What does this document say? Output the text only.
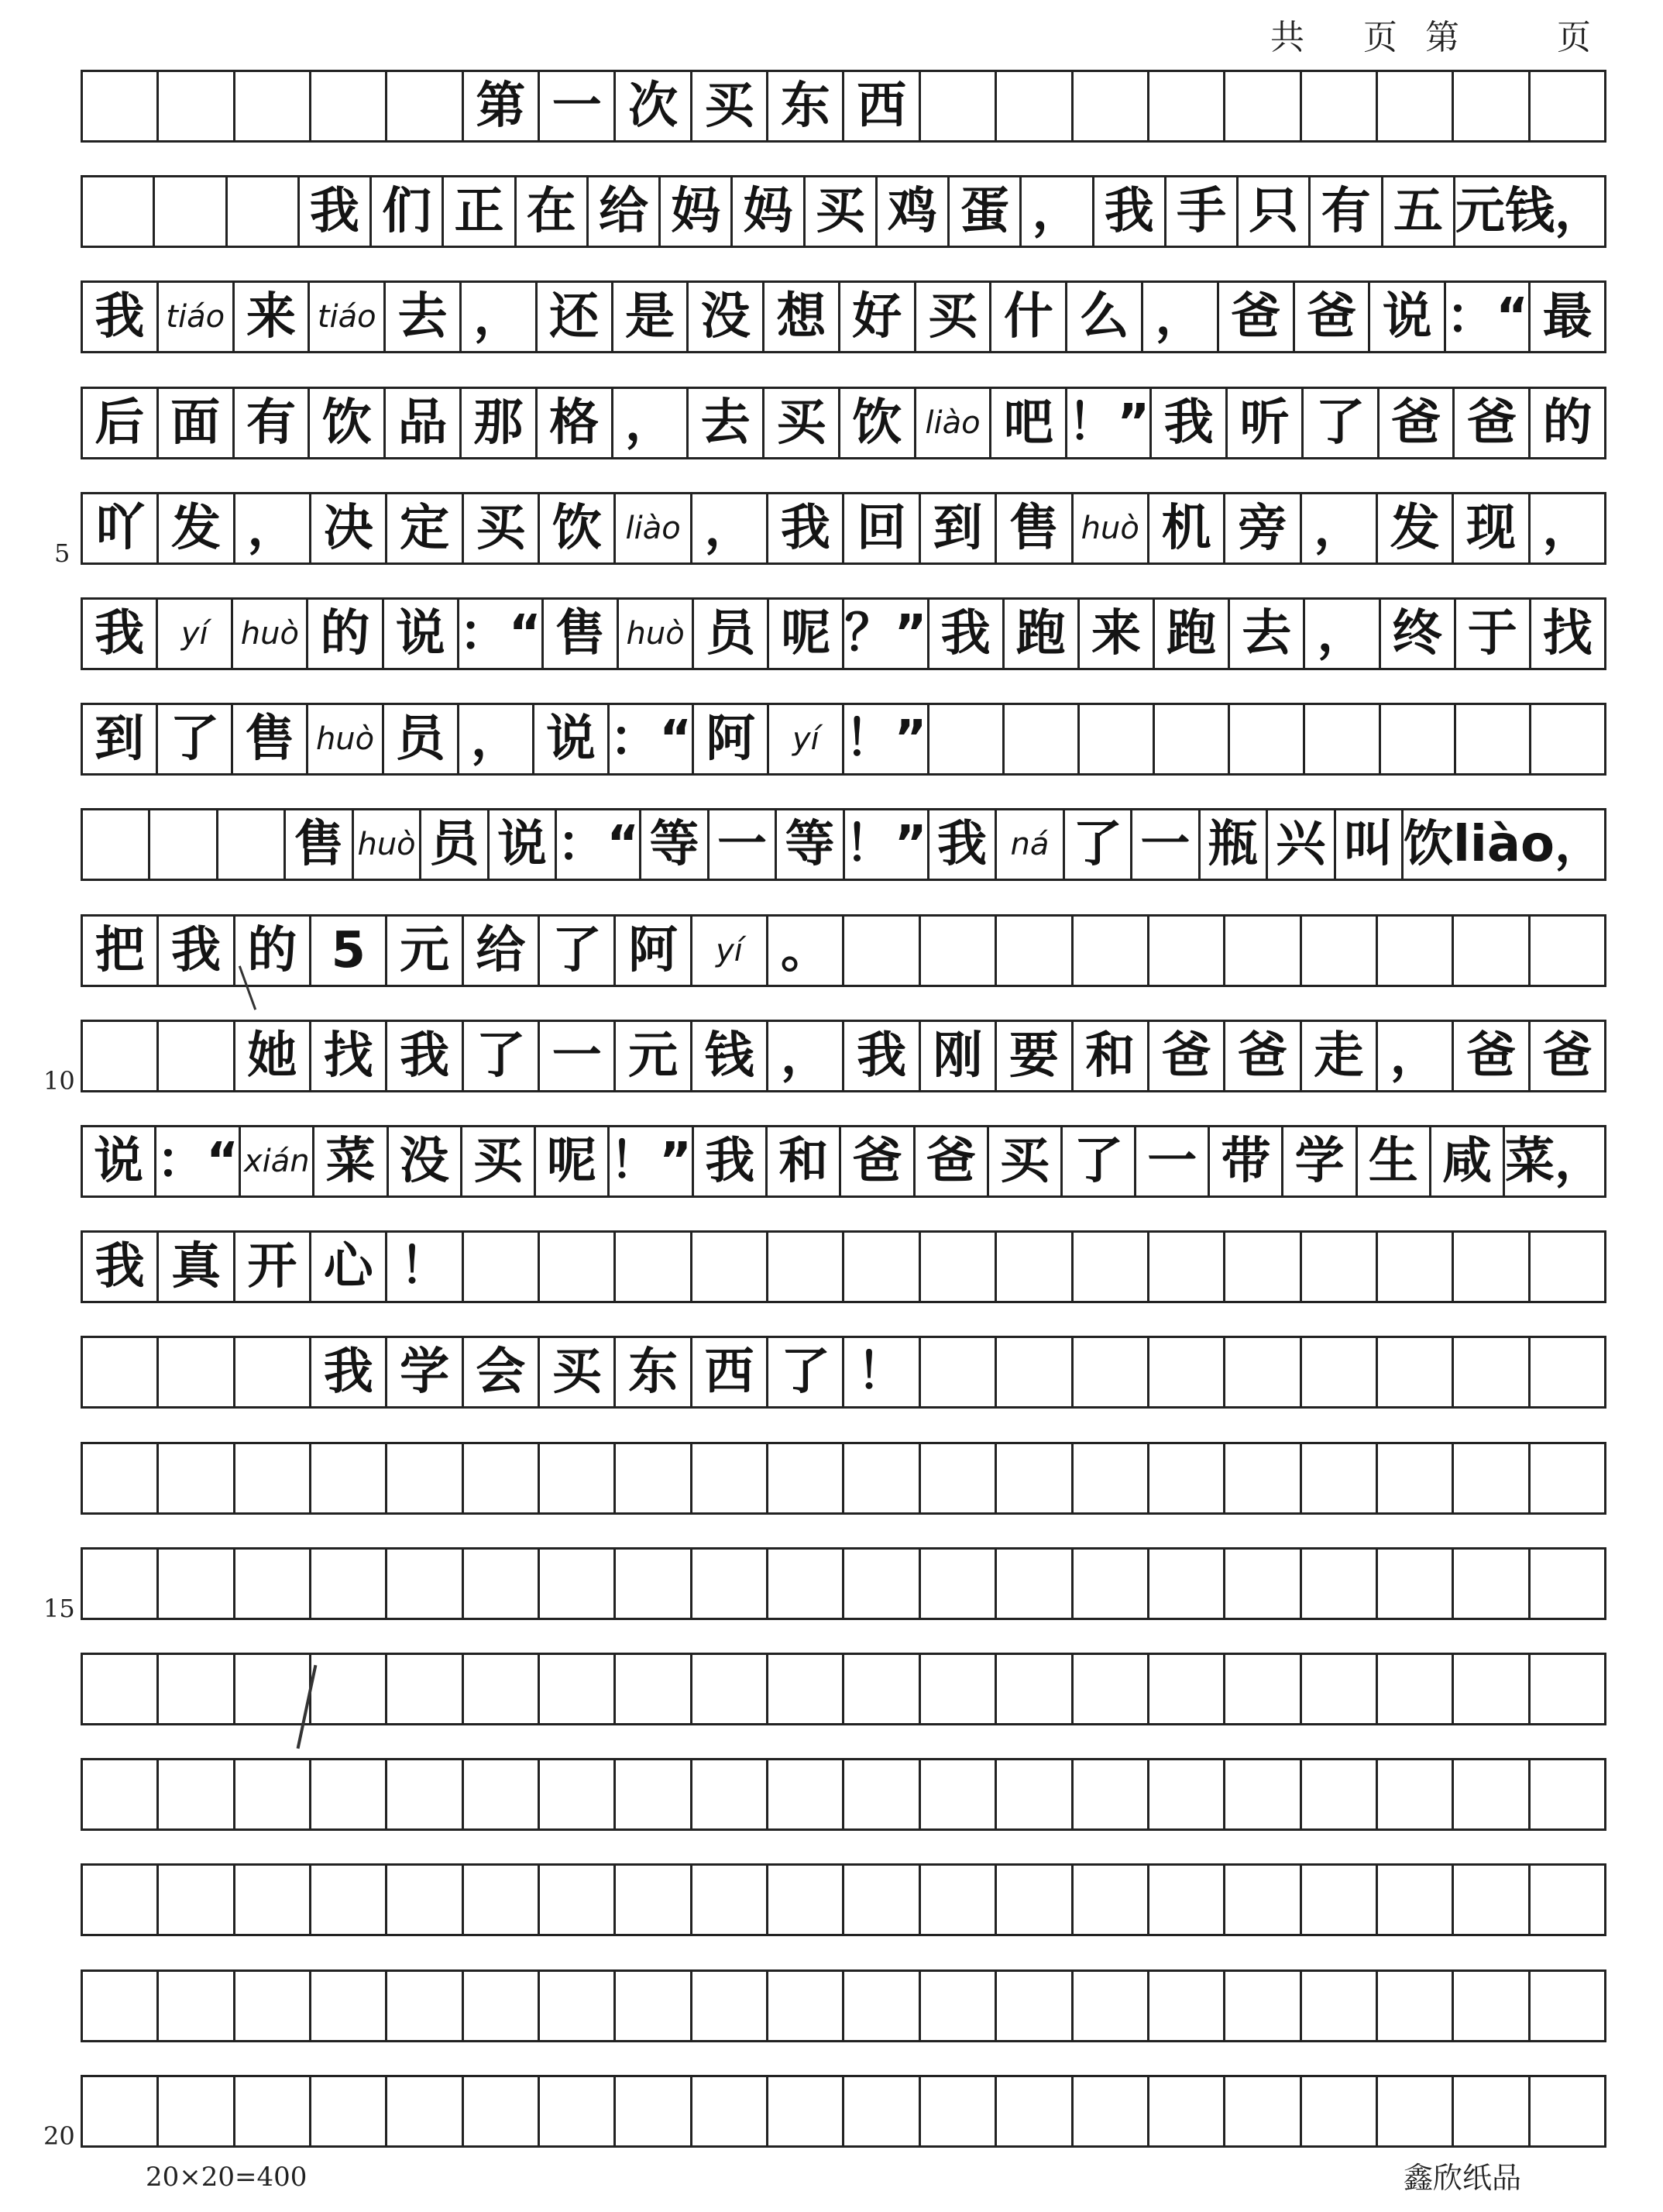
共 页 第	页
第 一 次 买 东 西
我 们 正 在 给 妈 妈 买 鸡 蛋 ， 我 手 只 有 五 元钱，
我 tiáo 来 tiáo 去 ， 还 是 没 想 好 买 什 么 ， 爸 爸 说 ：“ 最
后 面 有 饮 品 那 格 ， 去 买 饮 liào 吧 ！” 我 听 了 爸 爸 的
吖 发 ， 决 定 买 饮 liào ， 我 回 到 售 huò 机 旁 ， 发 现 ，
5
我	yí	huò 的 说 ：“ 售 huò 员 呢 ？” 我 跑 来 跑 去 ， 终 于 找
到 了 售 huò 员 ， 说 ：“ 阿	yí ！”
售 huò 员 说 ：“ 等 一 等 ！” 我 ná 了 一 瓶 兴 叫 饮liào，
把 我 的 5 元 给 了 阿	yí 。
她 找 我 了 一 元 钱 ， 我 刚 要 和 爸 爸 走 ， 爸 爸
10
说 ：“ xián 菜 没 买 呢 ！” 我 和 爸 爸 买 了 一 带 学 生 咸 菜，
我 真 开 心 ！
我 学 会 买 东 西 了 ！
15
20
20×20=400	鑫欣纸品
